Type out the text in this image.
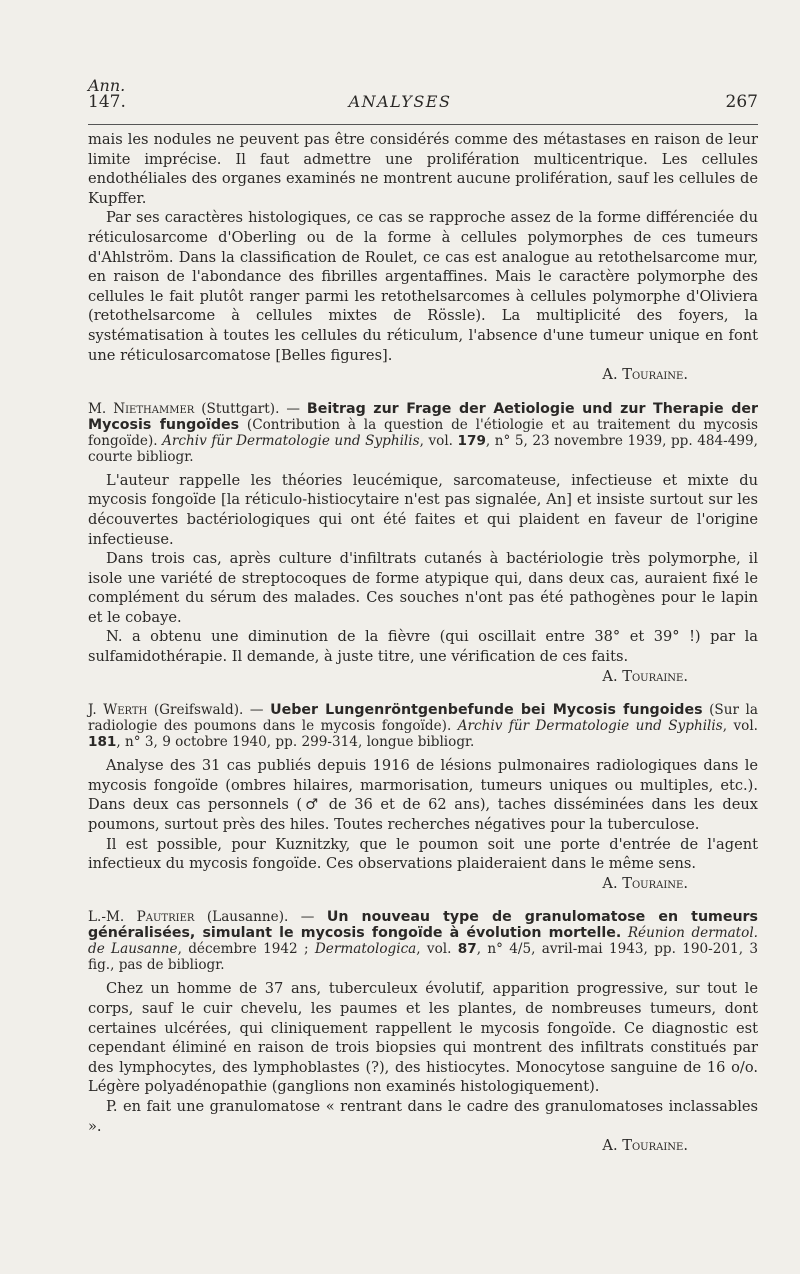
Ann.
147.	ANALYSES	267

mais les nodules ne peuvent pas être considérés comme des métastases en raison de leur limite imprécise. Il faut admettre une prolifération multicentrique. Les cellules endothéliales des organes examinés ne montrent aucune prolifération, sauf les cellules de Kupffer.

Par ses caractères histologiques, ce cas se rapproche assez de la forme différenciée du réticulosarcome d'Oberling ou de la forme à cellules polymorphes de ces tumeurs d'Ahlström. Dans la classification de Roulet, ce cas est analogue au retothelsarcome mur, en raison de l'abondance des fibrilles argentaffines. Mais le caractère polymorphe des cellules le fait plutôt ranger parmi les retothelsarcomes à cellules polymorphe d'Oliviera (retothelsarcome à cellules mixtes de Rössle). La multiplicité des foyers, la systématisation à toutes les cellules du réticulum, l'absence d'une tumeur unique en font une réticulosarcomatose [Belles figures].

A. Touraine.

M. Niethammer (Stuttgart). — Beitrag zur Frage der Aetiologie und zur Therapie der Mycosis fungoïdes (Contribution à la question de l'étiologie et au traitement du mycosis fongoïde). Archiv für Dermatologie und Syphilis, vol. 179, n° 5, 23 novembre 1939, pp. 484-499, courte bibliogr.

L'auteur rappelle les théories leucémique, sarcomateuse, infectieuse et mixte du mycosis fongoïde [la réticulo-histiocytaire n'est pas signalée, An] et insiste surtout sur les découvertes bactériologiques qui ont été faites et qui plaident en faveur de l'origine infectieuse.

Dans trois cas, après culture d'infiltrats cutanés à bactériologie très polymorphe, il isole une variété de streptocoques de forme atypique qui, dans deux cas, auraient fixé le complément du sérum des malades. Ces souches n'ont pas été pathogènes pour le lapin et le cobaye.

N. a obtenu une diminution de la fièvre (qui oscillait entre 38° et 39° !) par la sulfamidothérapie. Il demande, à juste titre, une vérification de ces faits.

A. Touraine.

J. Werth (Greifswald). — Ueber Lungenröntgenbefunde bei Mycosis fungoides (Sur la radiologie des poumons dans le mycosis fongoïde). Archiv für Dermatologie und Syphilis, vol. 181, n° 3, 9 octobre 1940, pp. 299-314, longue bibliogr.

Analyse des 31 cas publiés depuis 1916 de lésions pulmonaires radiologiques dans le mycosis fongoïde (ombres hilaires, marmorisation, tumeurs uniques ou multiples, etc.). Dans deux cas personnels (♂ de 36 et de 62 ans), taches disséminées dans les deux poumons, surtout près des hiles. Toutes recherches négatives pour la tuberculose.

Il est possible, pour Kuznitzky, que le poumon soit une porte d'entrée de l'agent infectieux du mycosis fongoïde. Ces observations plaideraient dans le même sens.

A. Touraine.

L.-M. Pautrier (Lausanne). — Un nouveau type de granulomatose en tumeurs généralisées, simulant le mycosis fongoïde à évolution mortelle. Réunion dermatol. de Lausanne, décembre 1942 ; Dermatologica, vol. 87, n° 4/5, avril-mai 1943, pp. 190-201, 3 fig., pas de bibliogr.

Chez un homme de 37 ans, tuberculeux évolutif, apparition progressive, sur tout le corps, sauf le cuir chevelu, les paumes et les plantes, de nombreuses tumeurs, dont certaines ulcérées, qui cliniquement rappellent le mycosis fongoïde. Ce diagnostic est cependant éliminé en raison de trois biopsies qui montrent des infiltrats constitués par des lymphocytes, des lymphoblastes (?), des histiocytes. Monocytose sanguine de 16 o/o. Légère polyadénopathie (ganglions non examinés histologiquement).

P. en fait une granulomatose « rentrant dans le cadre des granulomatoses inclassables ».

A. Touraine.
